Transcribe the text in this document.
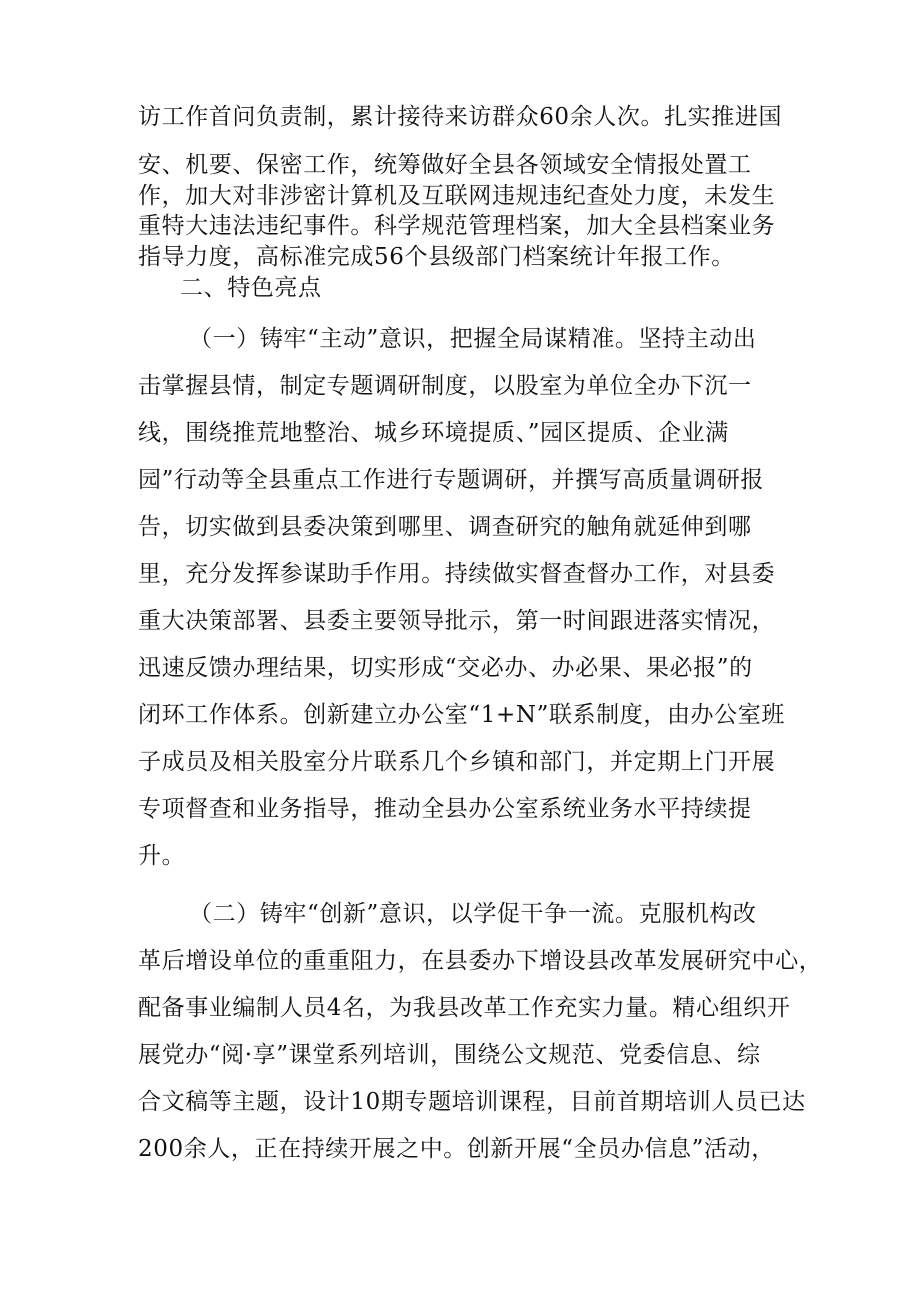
访工作首问负责制，累计接待来访群众60余人次。扎实推进国
安、机要、保密工作，统筹做好全县各领域安全情报处置工
作，加大对非涉密计算机及互联网违规违纪查处力度，未发生
重特大违法违纪事件。科学规范管理档案，加大全县档案业务
指导力度，高标准完成56个县级部门档案统计年报工作。
二、特色亮点
（一）铸牢“主动”意识，把握全局谋精准。坚持主动出
击掌握县情，制定专题调研制度，以股室为单位全办下沉一
线，围绕推荒地整治、城乡环境提质、”园区提质、企业满
园”行动等全县重点工作进行专题调研，并撰写高质量调研报
告，切实做到县委决策到哪里、调查研究的触角就延伸到哪
里，充分发挥参谋助手作用。持续做实督查督办工作，对县委
重大决策部署、县委主要领导批示，第一时间跟进落实情况，
迅速反馈办理结果，切实形成“交必办、办必果、果必报”的
闭环工作体系。创新建立办公室“1+N”联系制度，由办公室班
子成员及相关股室分片联系几个乡镇和部门，并定期上门开展
专项督查和业务指导，推动全县办公室系统业务水平持续提
升。
（二）铸牢“创新”意识，以学促干争一流。克服机构改
革后增设单位的重重阻力，在县委办下增设县改革发展研究中心，
配备事业编制人员4名，为我县改革工作充实力量。精心组织开
展党办“阅·享”课堂系列培训，围绕公文规范、党委信息、综
合文稿等主题，设计10期专题培训课程，目前首期培训人员已达
200余人，正在持续开展之中。创新开展“全员办信息”活动，
